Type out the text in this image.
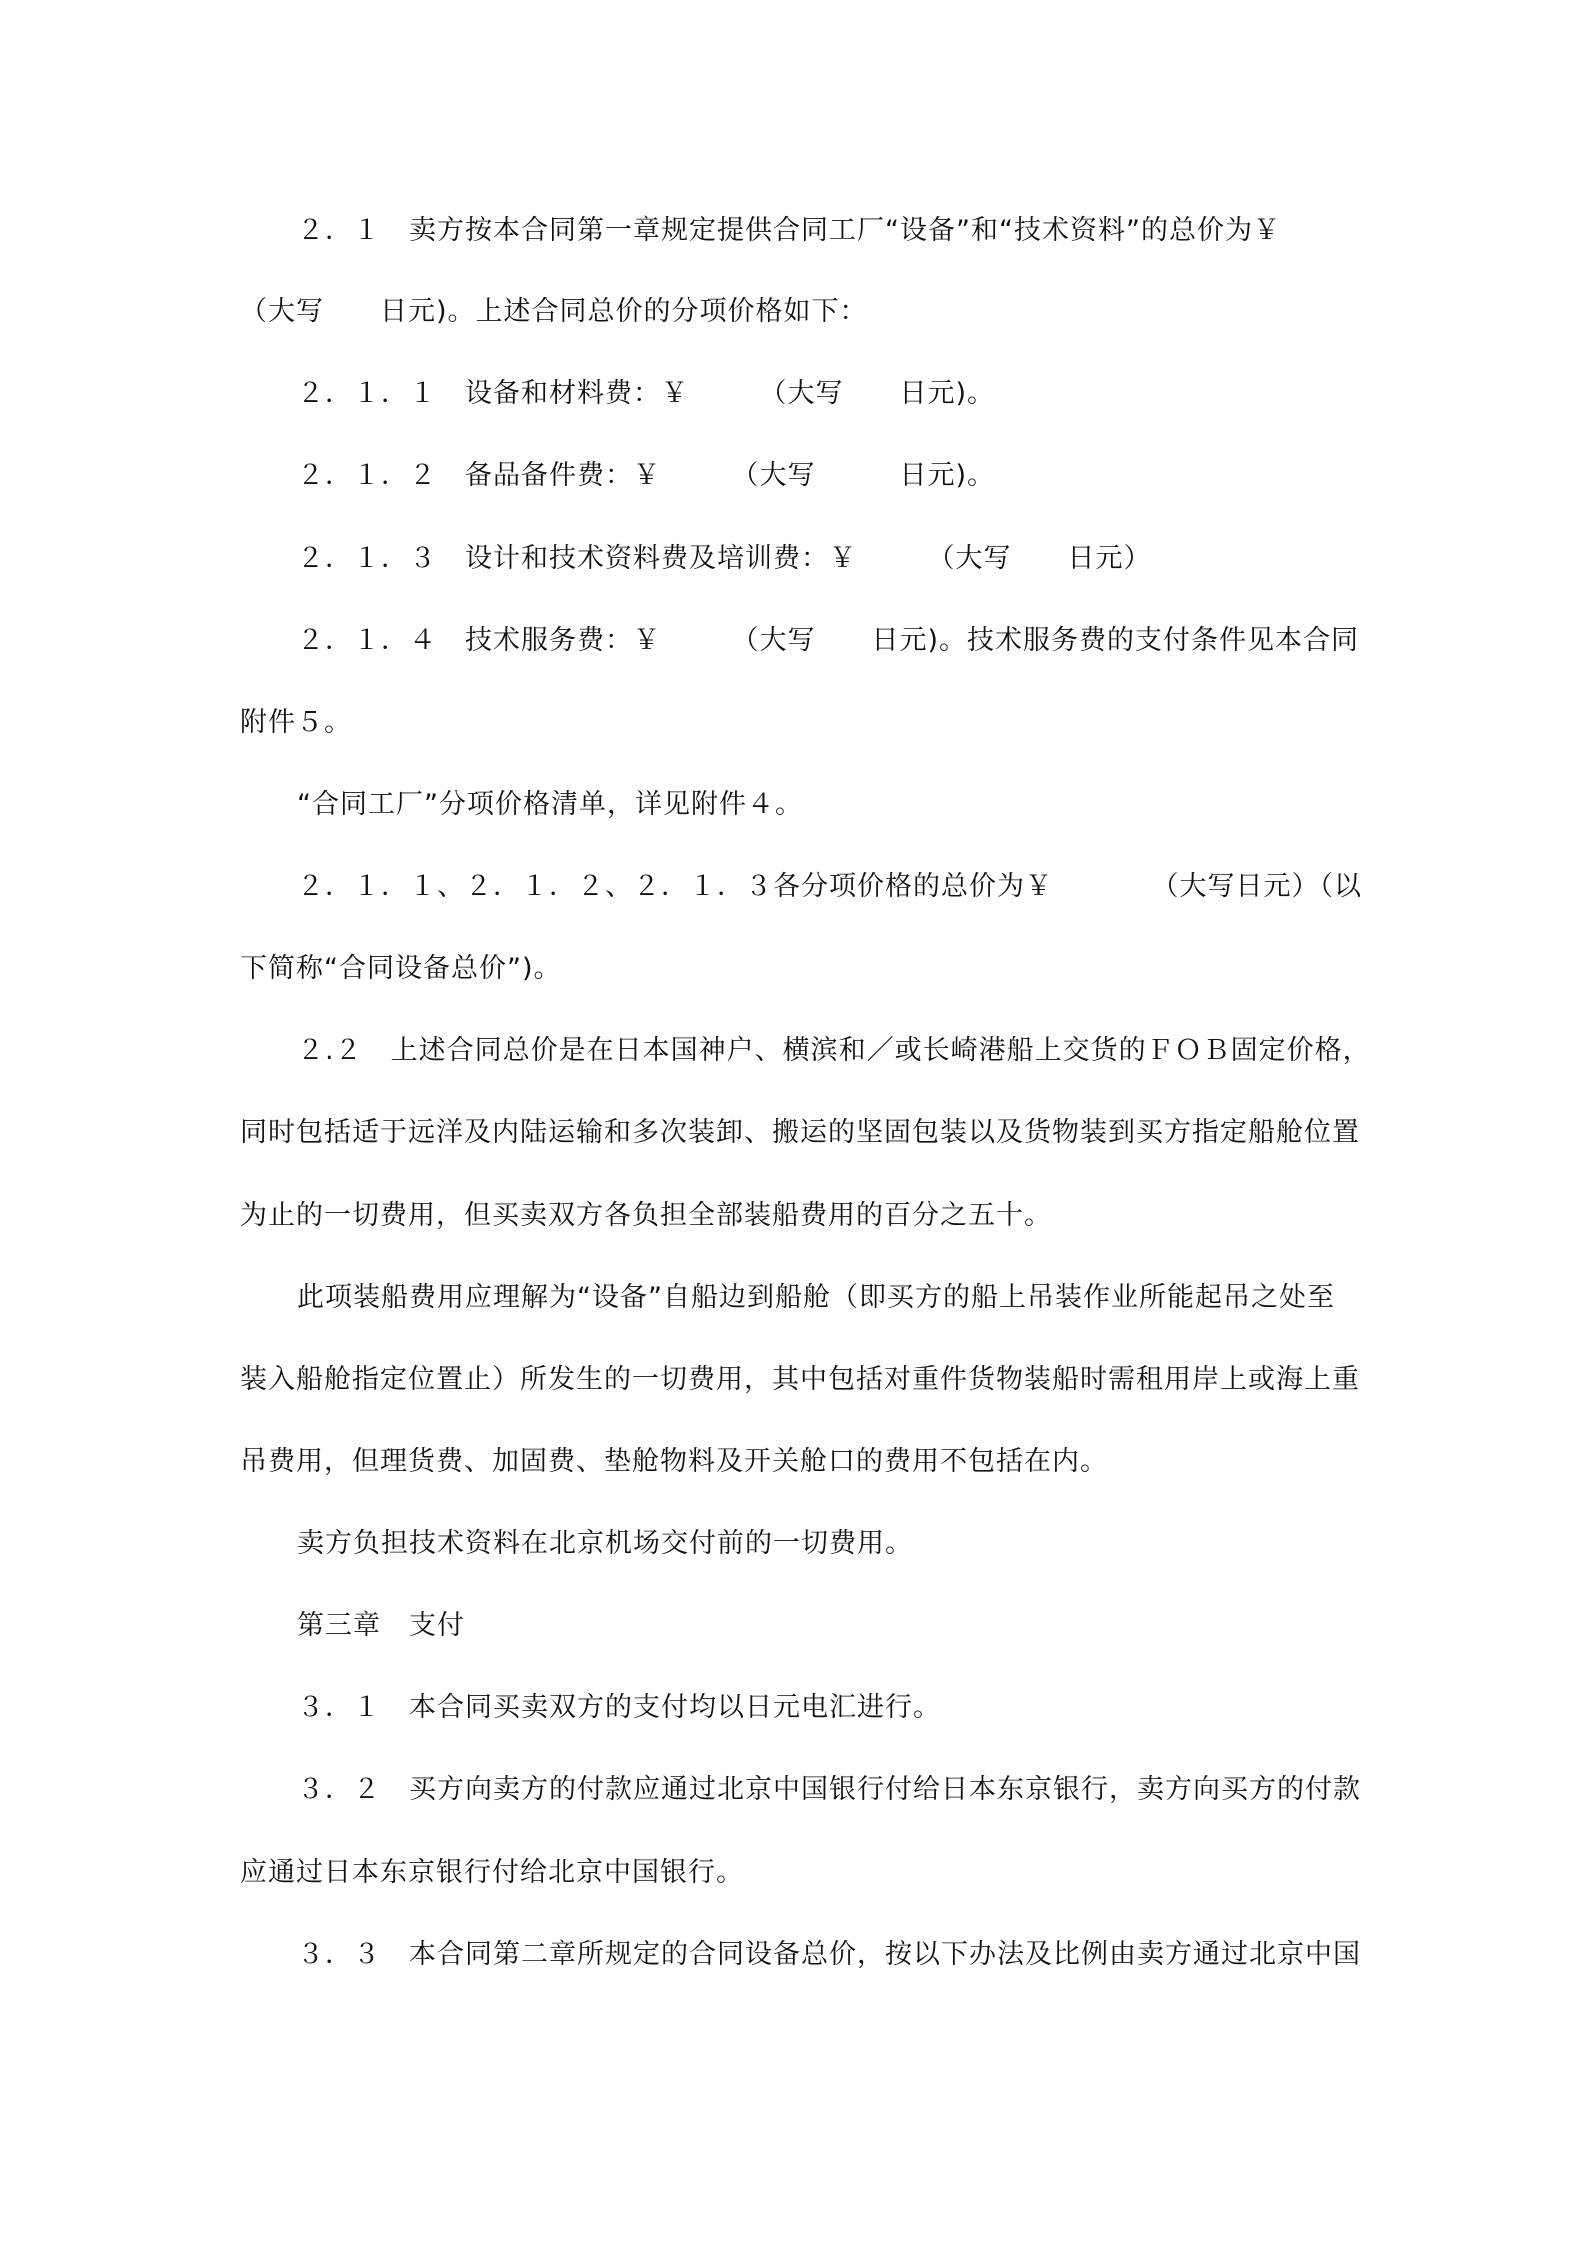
２．１　卖方按本合同第一章规定提供合同工厂“设备”和“技术资料”的总价为￥
（大写　　日元)。上述合同总价的分项价格如下：
２．１．１　设备和材料费：￥　　　（大写　　日元)。
２．１．２　备品备件费：￥　　　（大写　　　日元)。
２．１．３　设计和技术资料费及培训费：￥　　　（大写　　日元）
２．１．４　技术服务费：￥　　　（大写　　日元)。技术服务费的支付条件见本合同
附件５。
“合同工厂”分项价格清单，详见附件４。
２．１．１、２．１．２、２．１．３各分项价格的总价为￥　　　　（大写日元）（以
下简称“合同设备总价”)。
２.２　上述合同总价是在日本国神户、横滨和／或长崎港船上交货的ＦＯＢ固定价格，
同时包括适于远洋及内陆运输和多次装卸、搬运的坚固包装以及货物装到买方指定船舱位置
为止的一切费用，但买卖双方各负担全部装船费用的百分之五十。
此项装船费用应理解为“设备”自船边到船舱（即买方的船上吊装作业所能起吊之处至
装入船舱指定位置止）所发生的一切费用，其中包括对重件货物装船时需租用岸上或海上重
吊费用，但理货费、加固费、垫舱物料及开关舱口的费用不包括在内。
卖方负担技术资料在北京机场交付前的一切费用。
第三章　支付
３．１　本合同买卖双方的支付均以日元电汇进行。
３．２　买方向卖方的付款应通过北京中国银行付给日本东京银行，卖方向买方的付款
应通过日本东京银行付给北京中国银行。
３．３　本合同第二章所规定的合同设备总价，按以下办法及比例由卖方通过北京中国
